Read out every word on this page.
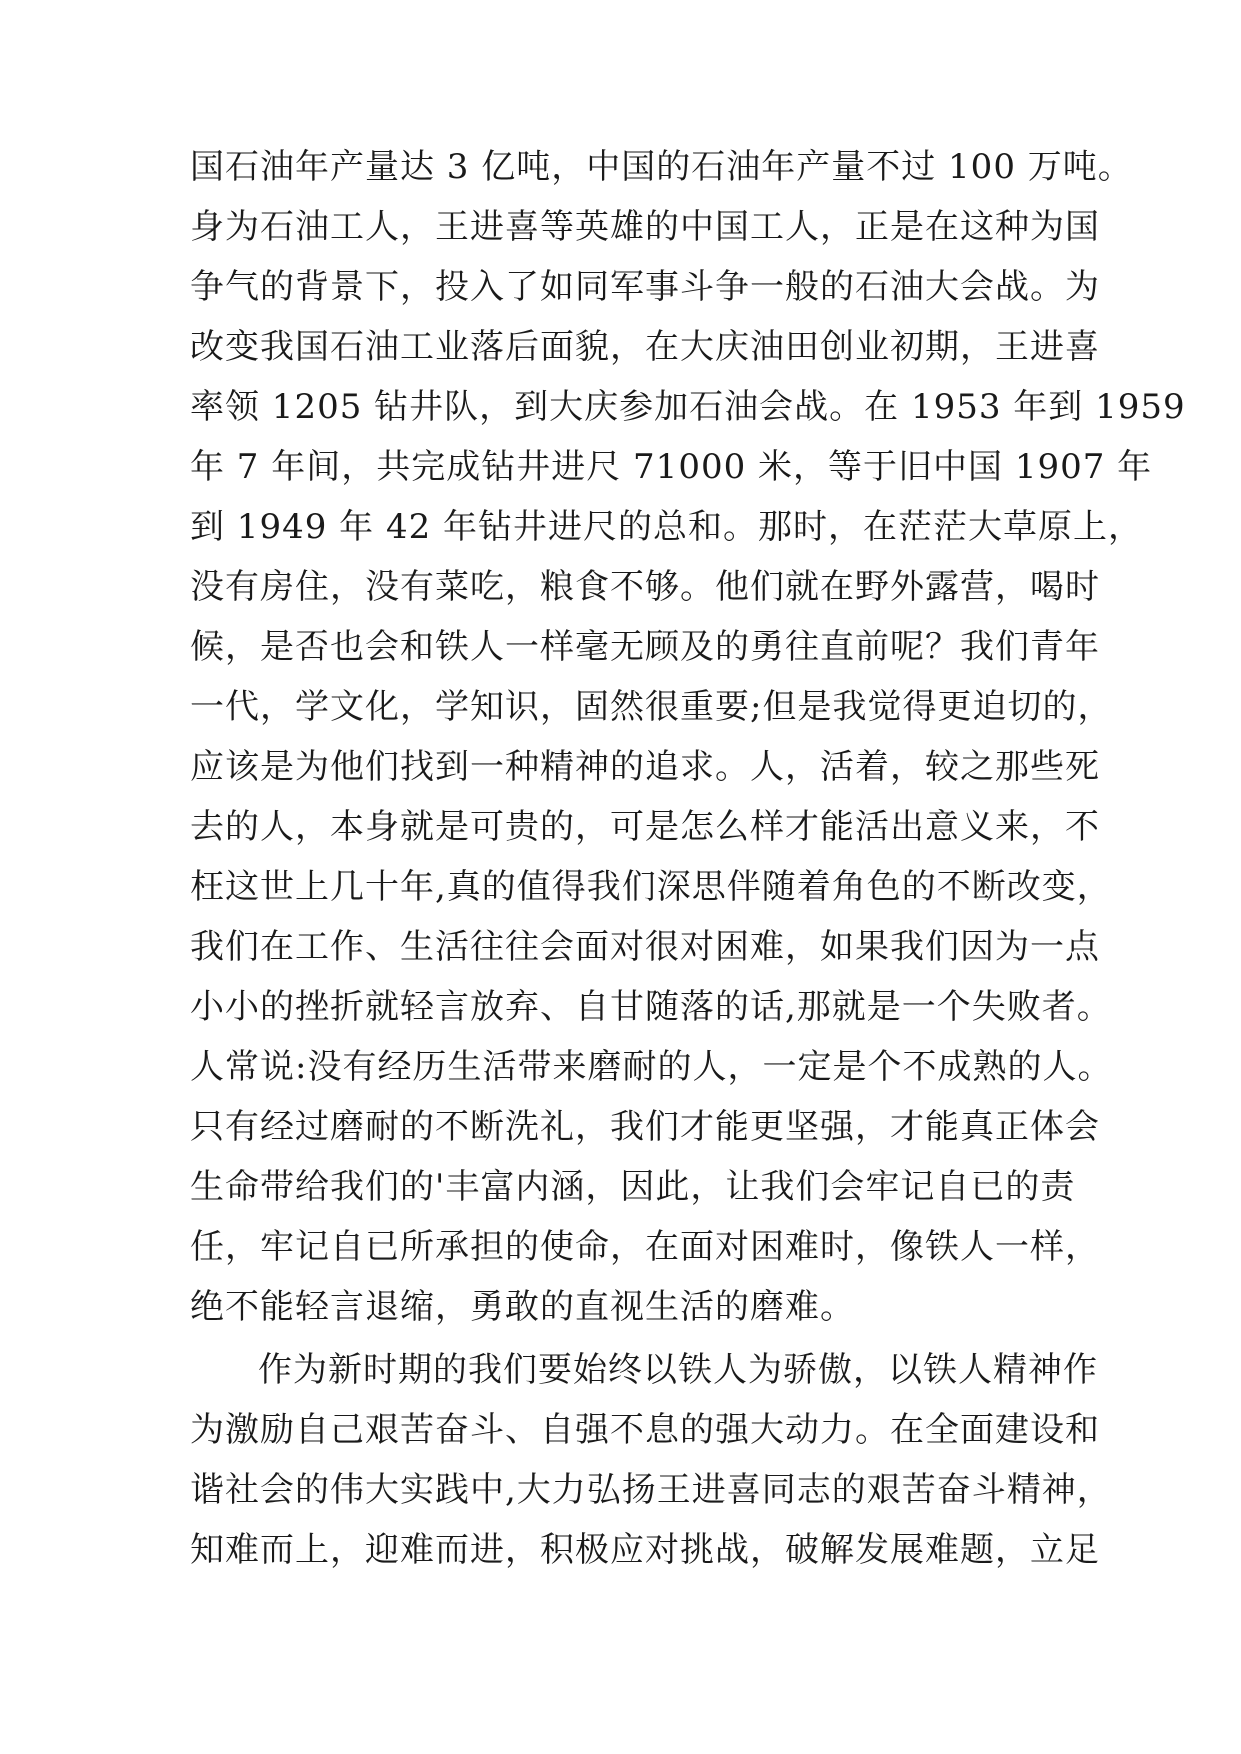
国石油年产量达 3 亿吨，中国的石油年产量不过 100 万吨。
身为石油工人，王进喜等英雄的中国工人，正是在这种为国
争气的背景下，投入了如同军事斗争一般的石油大会战。为
改变我国石油工业落后面貌，在大庆油田创业初期，王进喜
率领 1205 钻井队，到大庆参加石油会战。在 1953 年到 1959
年 7 年间，共完成钻井进尺 71000 米，等于旧中国 1907 年
到 1949 年 42 年钻井进尺的总和。那时，在茫茫大草原上，
没有房住，没有菜吃，粮食不够。他们就在野外露营，喝时
候，是否也会和铁人一样毫无顾及的勇往直前呢？我们青年
一代，学文化，学知识，固然很重要;但是我觉得更迫切的，
应该是为他们找到一种精神的追求。人，活着，较之那些死
去的人，本身就是可贵的，可是怎么样才能活出意义来，不
枉这世上几十年,真的值得我们深思伴随着角色的不断改变，
我们在工作、生活往往会面对很对困难，如果我们因为一点
小小的挫折就轻言放弃、自甘随落的话,那就是一个失败者。
人常说:没有经历生活带来磨耐的人，一定是个不成熟的人。
只有经过磨耐的不断洗礼，我们才能更坚强，才能真正体会
生命带给我们的'丰富内涵，因此，让我们会牢记自已的责
任，牢记自已所承担的使命，在面对困难时，像铁人一样，
绝不能轻言退缩，勇敢的直视生活的磨难。
作为新时期的我们要始终以铁人为骄傲，以铁人精神作
为激励自己艰苦奋斗、自强不息的强大动力。在全面建设和
谐社会的伟大实践中,大力弘扬王进喜同志的艰苦奋斗精神，
知难而上，迎难而进，积极应对挑战，破解发展难题，立足
